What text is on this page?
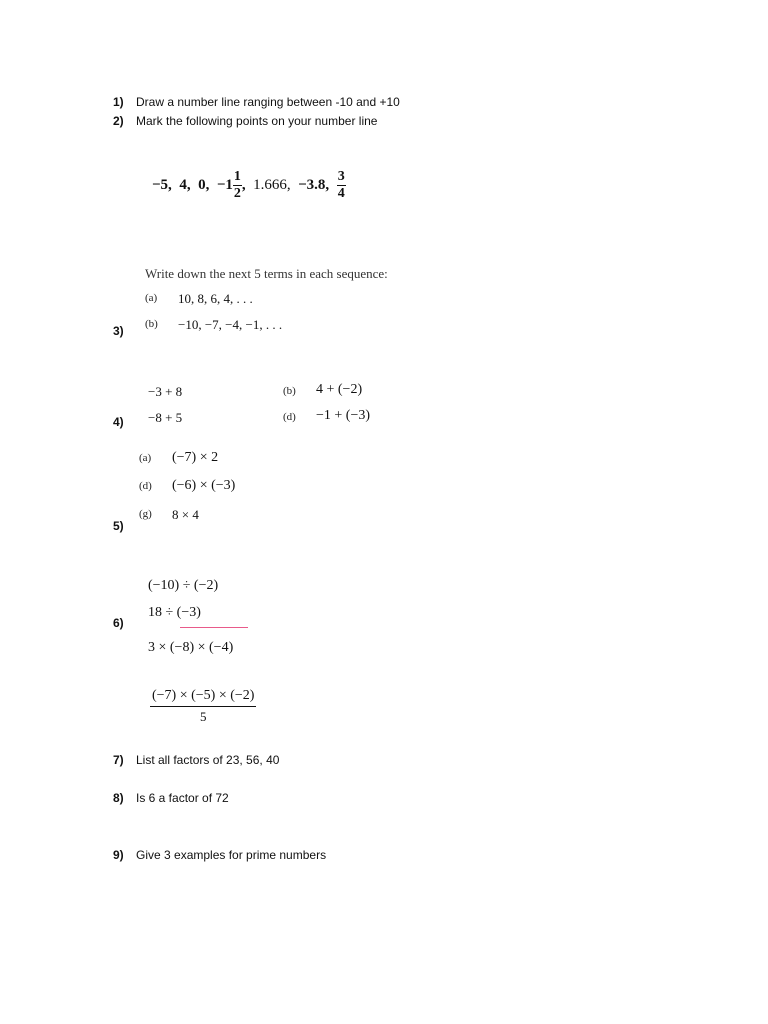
1) Draw a number line ranging between -10 and +10
2) Mark the following points on your number line
−5,
4,
0,
$-1 \frac{1}{2}$ ,
1.666,
−3.8,
$\frac{3}{4}$
Write down the next 5 terms in each sequence:
(a) 10, 8, 6, 4, . . .
(b) −10, −7, −4, −1, . . .
3)
−3 + 8	(b) 4 + (−2)
−8 + 5	(d) −1 + (−3)
4)
(a) (−7) × 2
(d) (−6) × (−3)
(g) 8 × 4
5)
(−10) ÷ (−2)
18 ÷ (−3)
6)
3 × (−8) × (−4)
$\frac{(-7) \times (-5) \times (-2)}{5}$
7) List all factors of 23, 56, 40
8) Is 6 a factor of 72
9) Give 3 examples for prime numbers
